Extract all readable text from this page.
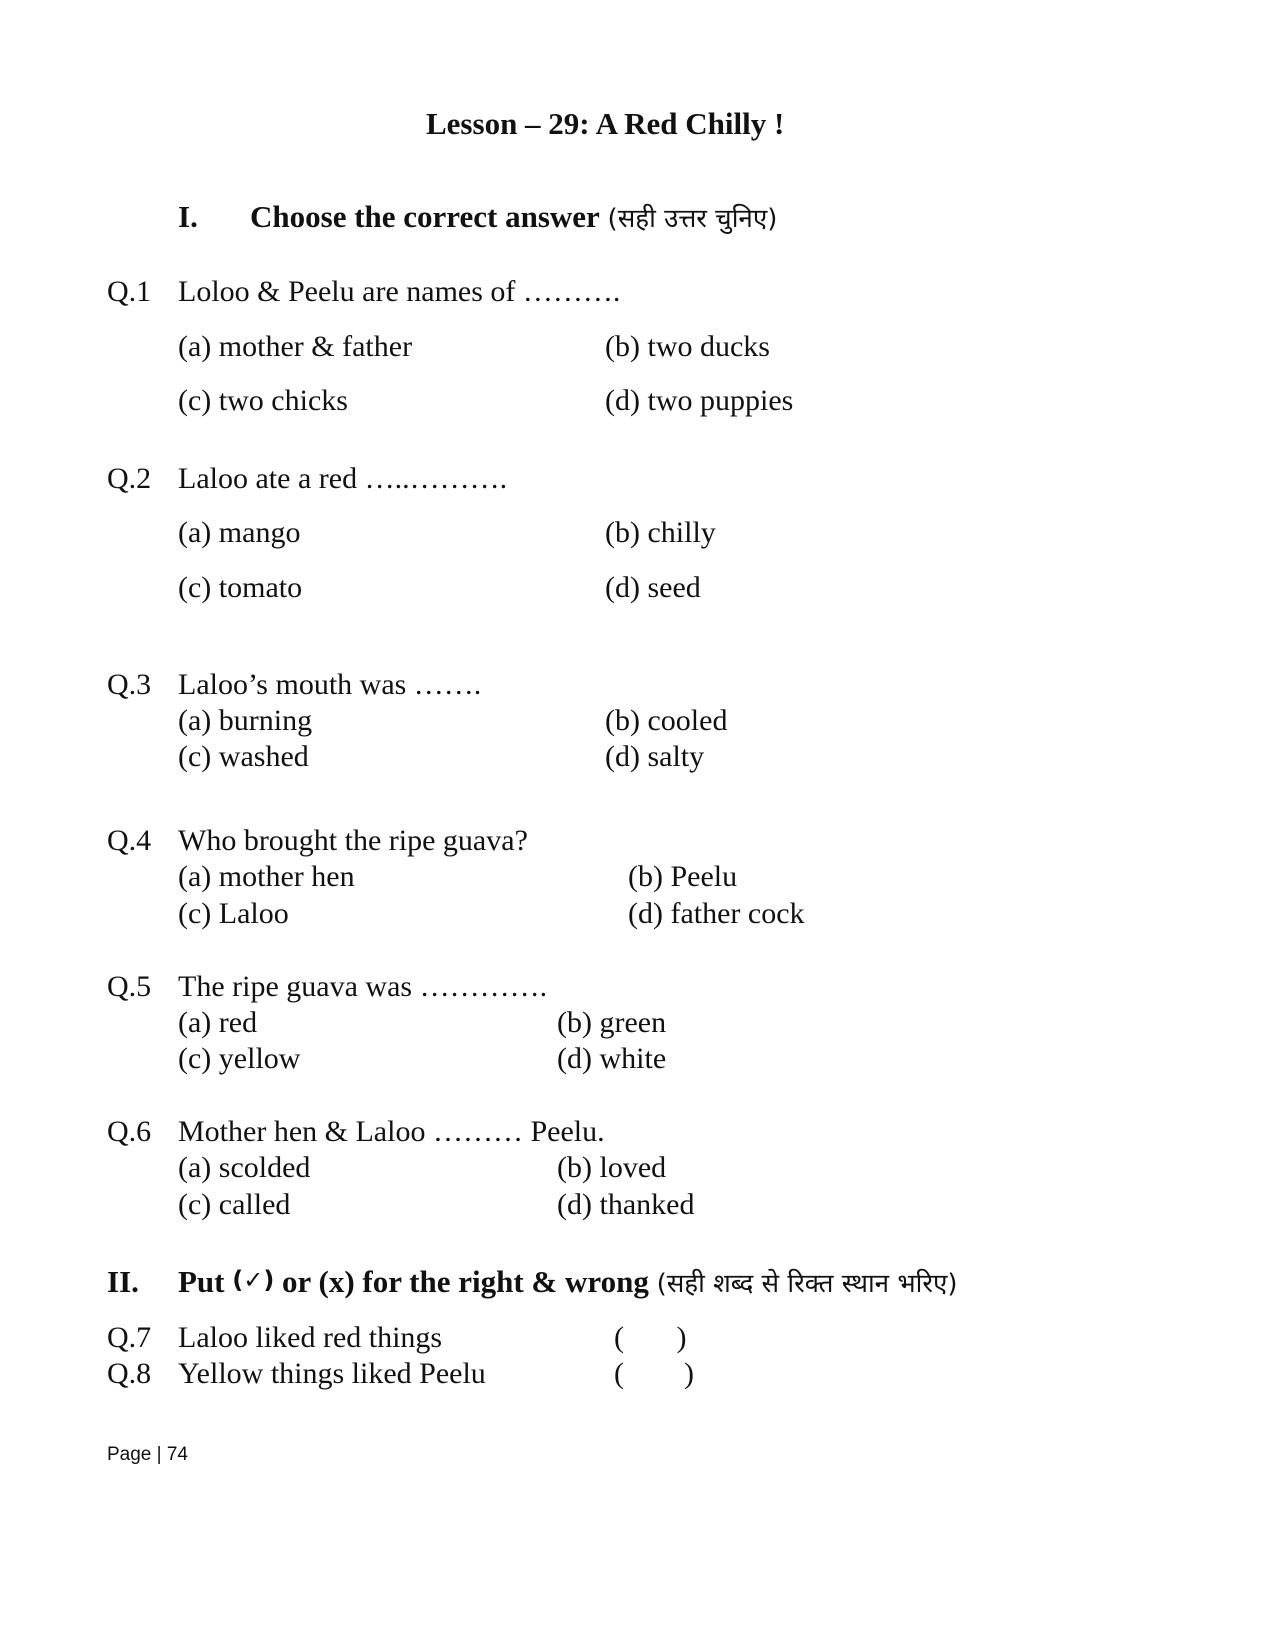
Lesson – 29: A Red Chilly !
I. Choose the correct answer (सही उत्तर चुनिए)
Q.1 Loloo & Peelu are names of ……….
(a) mother & father	(b) two ducks
(c) two chicks	(d) two puppies
Q.2 Laloo ate a red …..……….
(a) mango	(b) chilly
(c) tomato	(d) seed
Q.3 Laloo’s mouth was …….
(a) burning	(b) cooled
(c) washed	(d) salty
Q.4 Who brought the ripe guava?
(a) mother hen	(b) Peelu
(c) Laloo	(d) father cock
Q.5 The ripe guava was ………….
(a) red	(b) green
(c) yellow	(d) white
Q.6 Mother hen & Laloo ……… Peelu.
(a) scolded	(b) loved
(c) called	(d) thanked
II. Put (✓) or (x) for the right & wrong (सही शब्द से रिक्त स्थान भरिए)
Q.7 Laloo liked red things	(       )
Q.8 Yellow things liked Peelu	(        )
Page | 74
